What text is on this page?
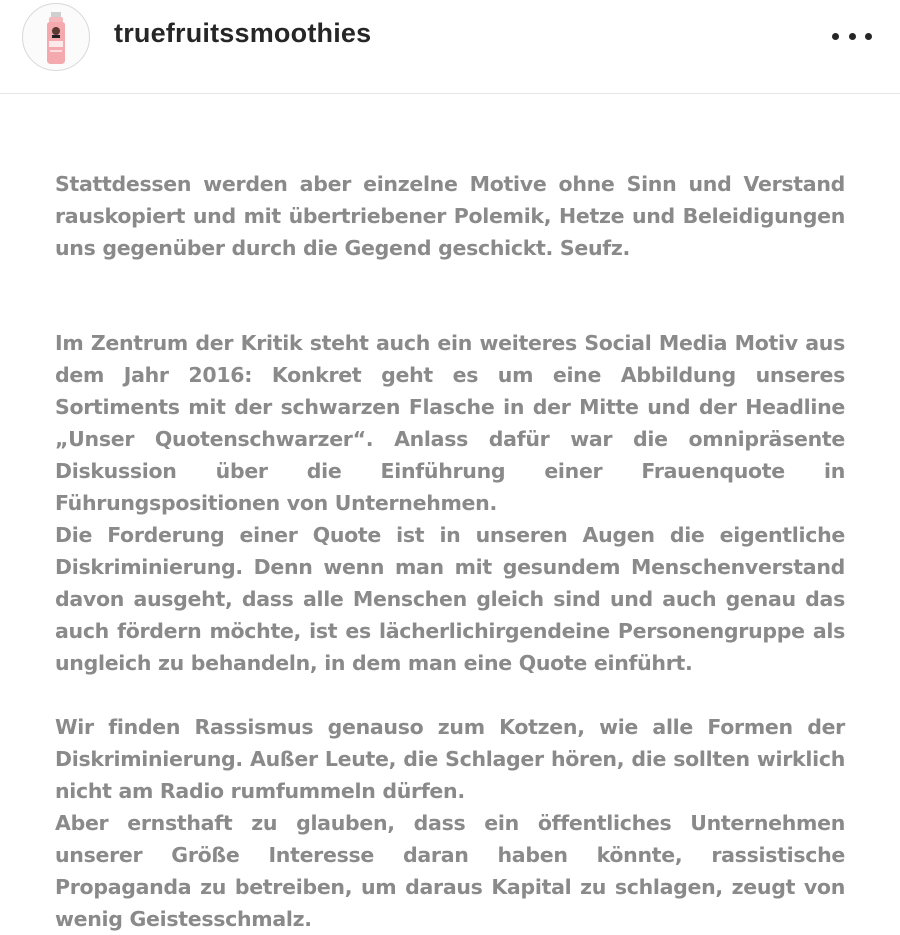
truefruitssmoothies

Stattdessen werden aber einzelne Motive ohne Sinn und Verstand rauskopiert und mit übertriebener Polemik, Hetze und Beleidigungen uns gegenüber durch die Gegend geschickt. Seufz.

Im Zentrum der Kritik steht auch ein weiteres Social Media Motiv aus dem Jahr 2016: Konkret geht es um eine Abbildung unseres Sortiments mit der schwarzen Flasche in der Mitte und der Headline „Unser Quotenschwarzer“. Anlass dafür war die omnipräsente Diskussion über die Einführung einer Frauenquote in Führungspositionen von Unternehmen.

Die Forderung einer Quote ist in unseren Augen die eigentliche Diskriminierung. Denn wenn man mit gesundem Menschenverstand davon ausgeht, dass alle Menschen gleich sind und auch genau das auch fördern möchte, ist es lächerlichirgendeine Personengruppe als ungleich zu behandeln, in dem man eine Quote einführt.

Wir finden Rassismus genauso zum Kotzen, wie alle Formen der Diskriminierung. Außer Leute, die Schlager hören, die sollten wirklich nicht am Radio rumfummeln dürfen.

Aber ernsthaft zu glauben, dass ein öffentliches Unternehmen unserer Größe Interesse daran haben könnte, rassistische Propaganda zu betreiben, um daraus Kapital zu schlagen, zeugt von wenig Geistesschmalz.
